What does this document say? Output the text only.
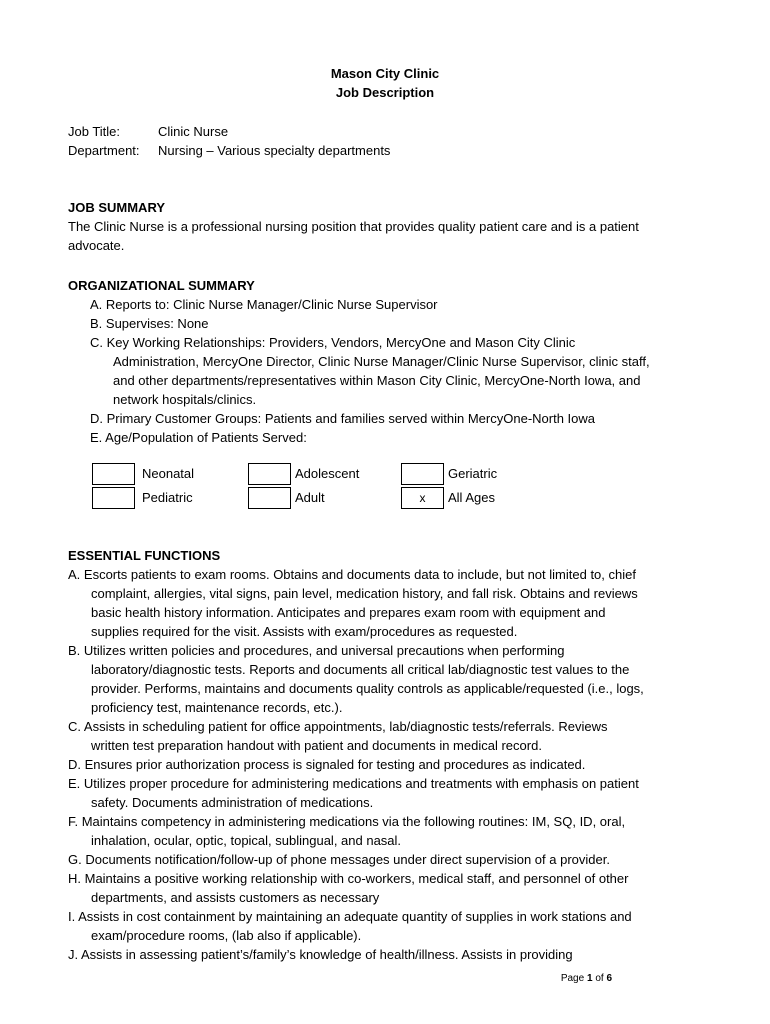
Mason City Clinic
Job Description
Job Title:	Clinic Nurse
Department: Nursing – Various specialty departments
JOB SUMMARY
The Clinic Nurse is a professional nursing position that provides quality patient care and is a patient
advocate.
ORGANIZATIONAL SUMMARY
A. Reports to: Clinic Nurse Manager/Clinic Nurse Supervisor
B. Supervises: None
C. Key Working Relationships: Providers, Vendors, MercyOne and Mason City Clinic
Administration, MercyOne Director, Clinic Nurse Manager/Clinic Nurse Supervisor, clinic staff,
and other departments/representatives within Mason City Clinic, MercyOne-North Iowa, and
network hospitals/clinics.
D. Primary Customer Groups: Patients and families served within MercyOne-North Iowa
E. Age/Population of Patients Served:
Neonatal
Pediatric
Adolescent
Adult
Geriatric
x	All Ages
ESSENTIAL FUNCTIONS
A. Escorts patients to exam rooms. Obtains and documents data to include, but not limited to, chief
complaint, allergies, vital signs, pain level, medication history, and fall risk. Obtains and reviews
basic health history information. Anticipates and prepares exam room with equipment and
supplies required for the visit. Assists with exam/procedures as requested.
B. Utilizes written policies and procedures, and universal precautions when performing
laboratory/diagnostic tests. Reports and documents all critical lab/diagnostic test values to the
provider. Performs, maintains and documents quality controls as applicable/requested (i.e., logs,
proficiency test, maintenance records, etc.).
C. Assists in scheduling patient for office appointments, lab/diagnostic tests/referrals. Reviews
written test preparation handout with patient and documents in medical record.
D. Ensures prior authorization process is signaled for testing and procedures as indicated.
E. Utilizes proper procedure for administering medications and treatments with emphasis on patient
safety. Documents administration of medications.
F. Maintains competency in administering medications via the following routines: IM, SQ, ID, oral,
inhalation, ocular, optic, topical, sublingual, and nasal.
G. Documents notification/follow-up of phone messages under direct supervision of a provider.
H. Maintains a positive working relationship with co-workers, medical staff, and personnel of other
departments, and assists customers as necessary
I. Assists in cost containment by maintaining an adequate quantity of supplies in work stations and
exam/procedure rooms, (lab also if applicable).
J. Assists in assessing patient’s/family’s knowledge of health/illness. Assists in providing
Page 1 of 6
